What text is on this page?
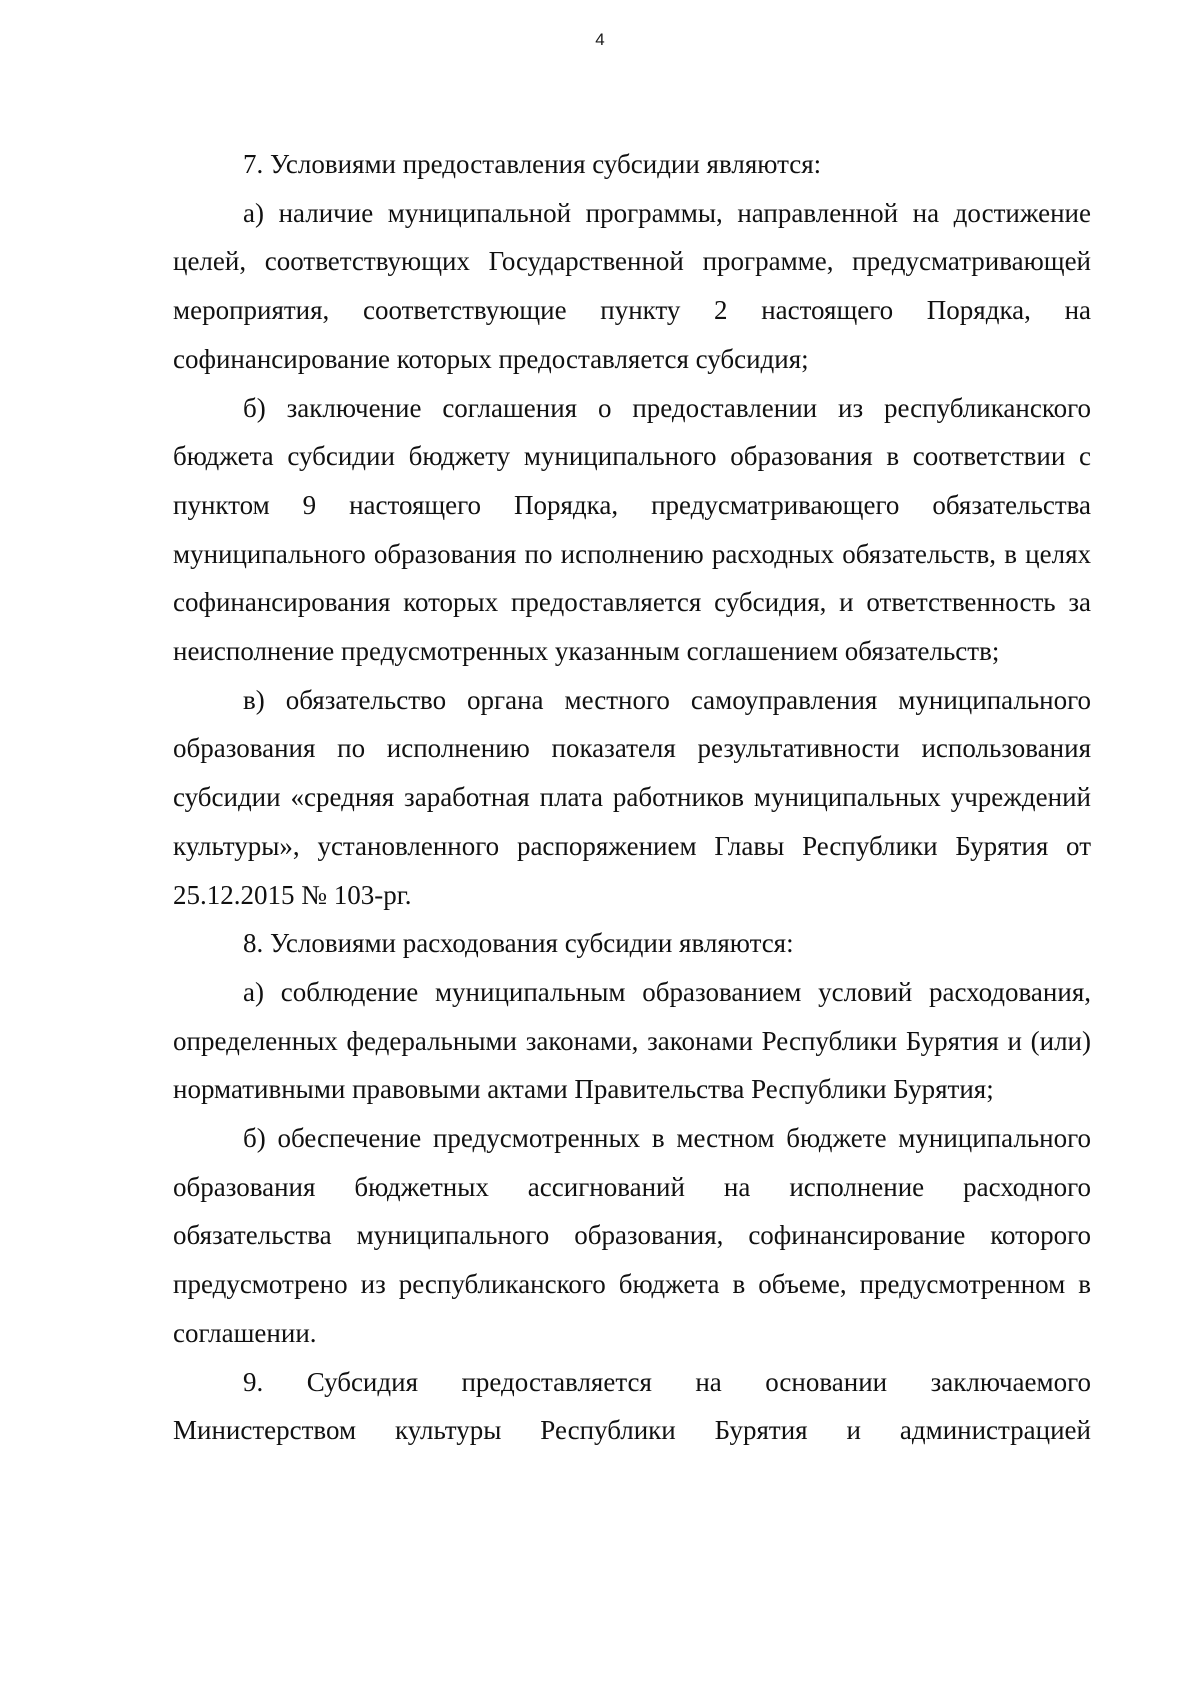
4

7. Условиями предоставления субсидии являются:

а) наличие муниципальной программы, направленной на достижение целей, соответствующих Государственной программе, предусматривающей мероприятия, соответствующие пункту 2 настоящего Порядка, на софинансирование которых предоставляется субсидия;

б) заключение соглашения о предоставлении из республиканского бюджета субсидии бюджету муниципального образования в соответствии с пунктом 9 настоящего Порядка, предусматривающего обязательства муниципального образования по исполнению расходных обязательств, в целях софинансирования которых предоставляется субсидия, и ответственность за неисполнение предусмотренных указанным соглашением обязательств;

в) обязательство органа местного самоуправления муниципального образования по исполнению показателя результативности использования субсидии «средняя заработная плата работников муниципальных учреждений культуры», установленного распоряжением Главы Республики Бурятия от 25.12.2015 № 103-рг.

8. Условиями расходования субсидии являются:

а) соблюдение муниципальным образованием условий расходования, определенных федеральными законами, законами Республики Бурятия и (или) нормативными правовыми актами Правительства Республики Бурятия;

б) обеспечение предусмотренных в местном бюджете муниципального образования бюджетных ассигнований на исполнение расходного обязательства муниципального образования, софинансирование которого предусмотрено из республиканского бюджета в объеме, предусмотренном в соглашении.

9. Субсидия предоставляется на основании заключаемого Министерством культуры Республики Бурятия и администрацией
